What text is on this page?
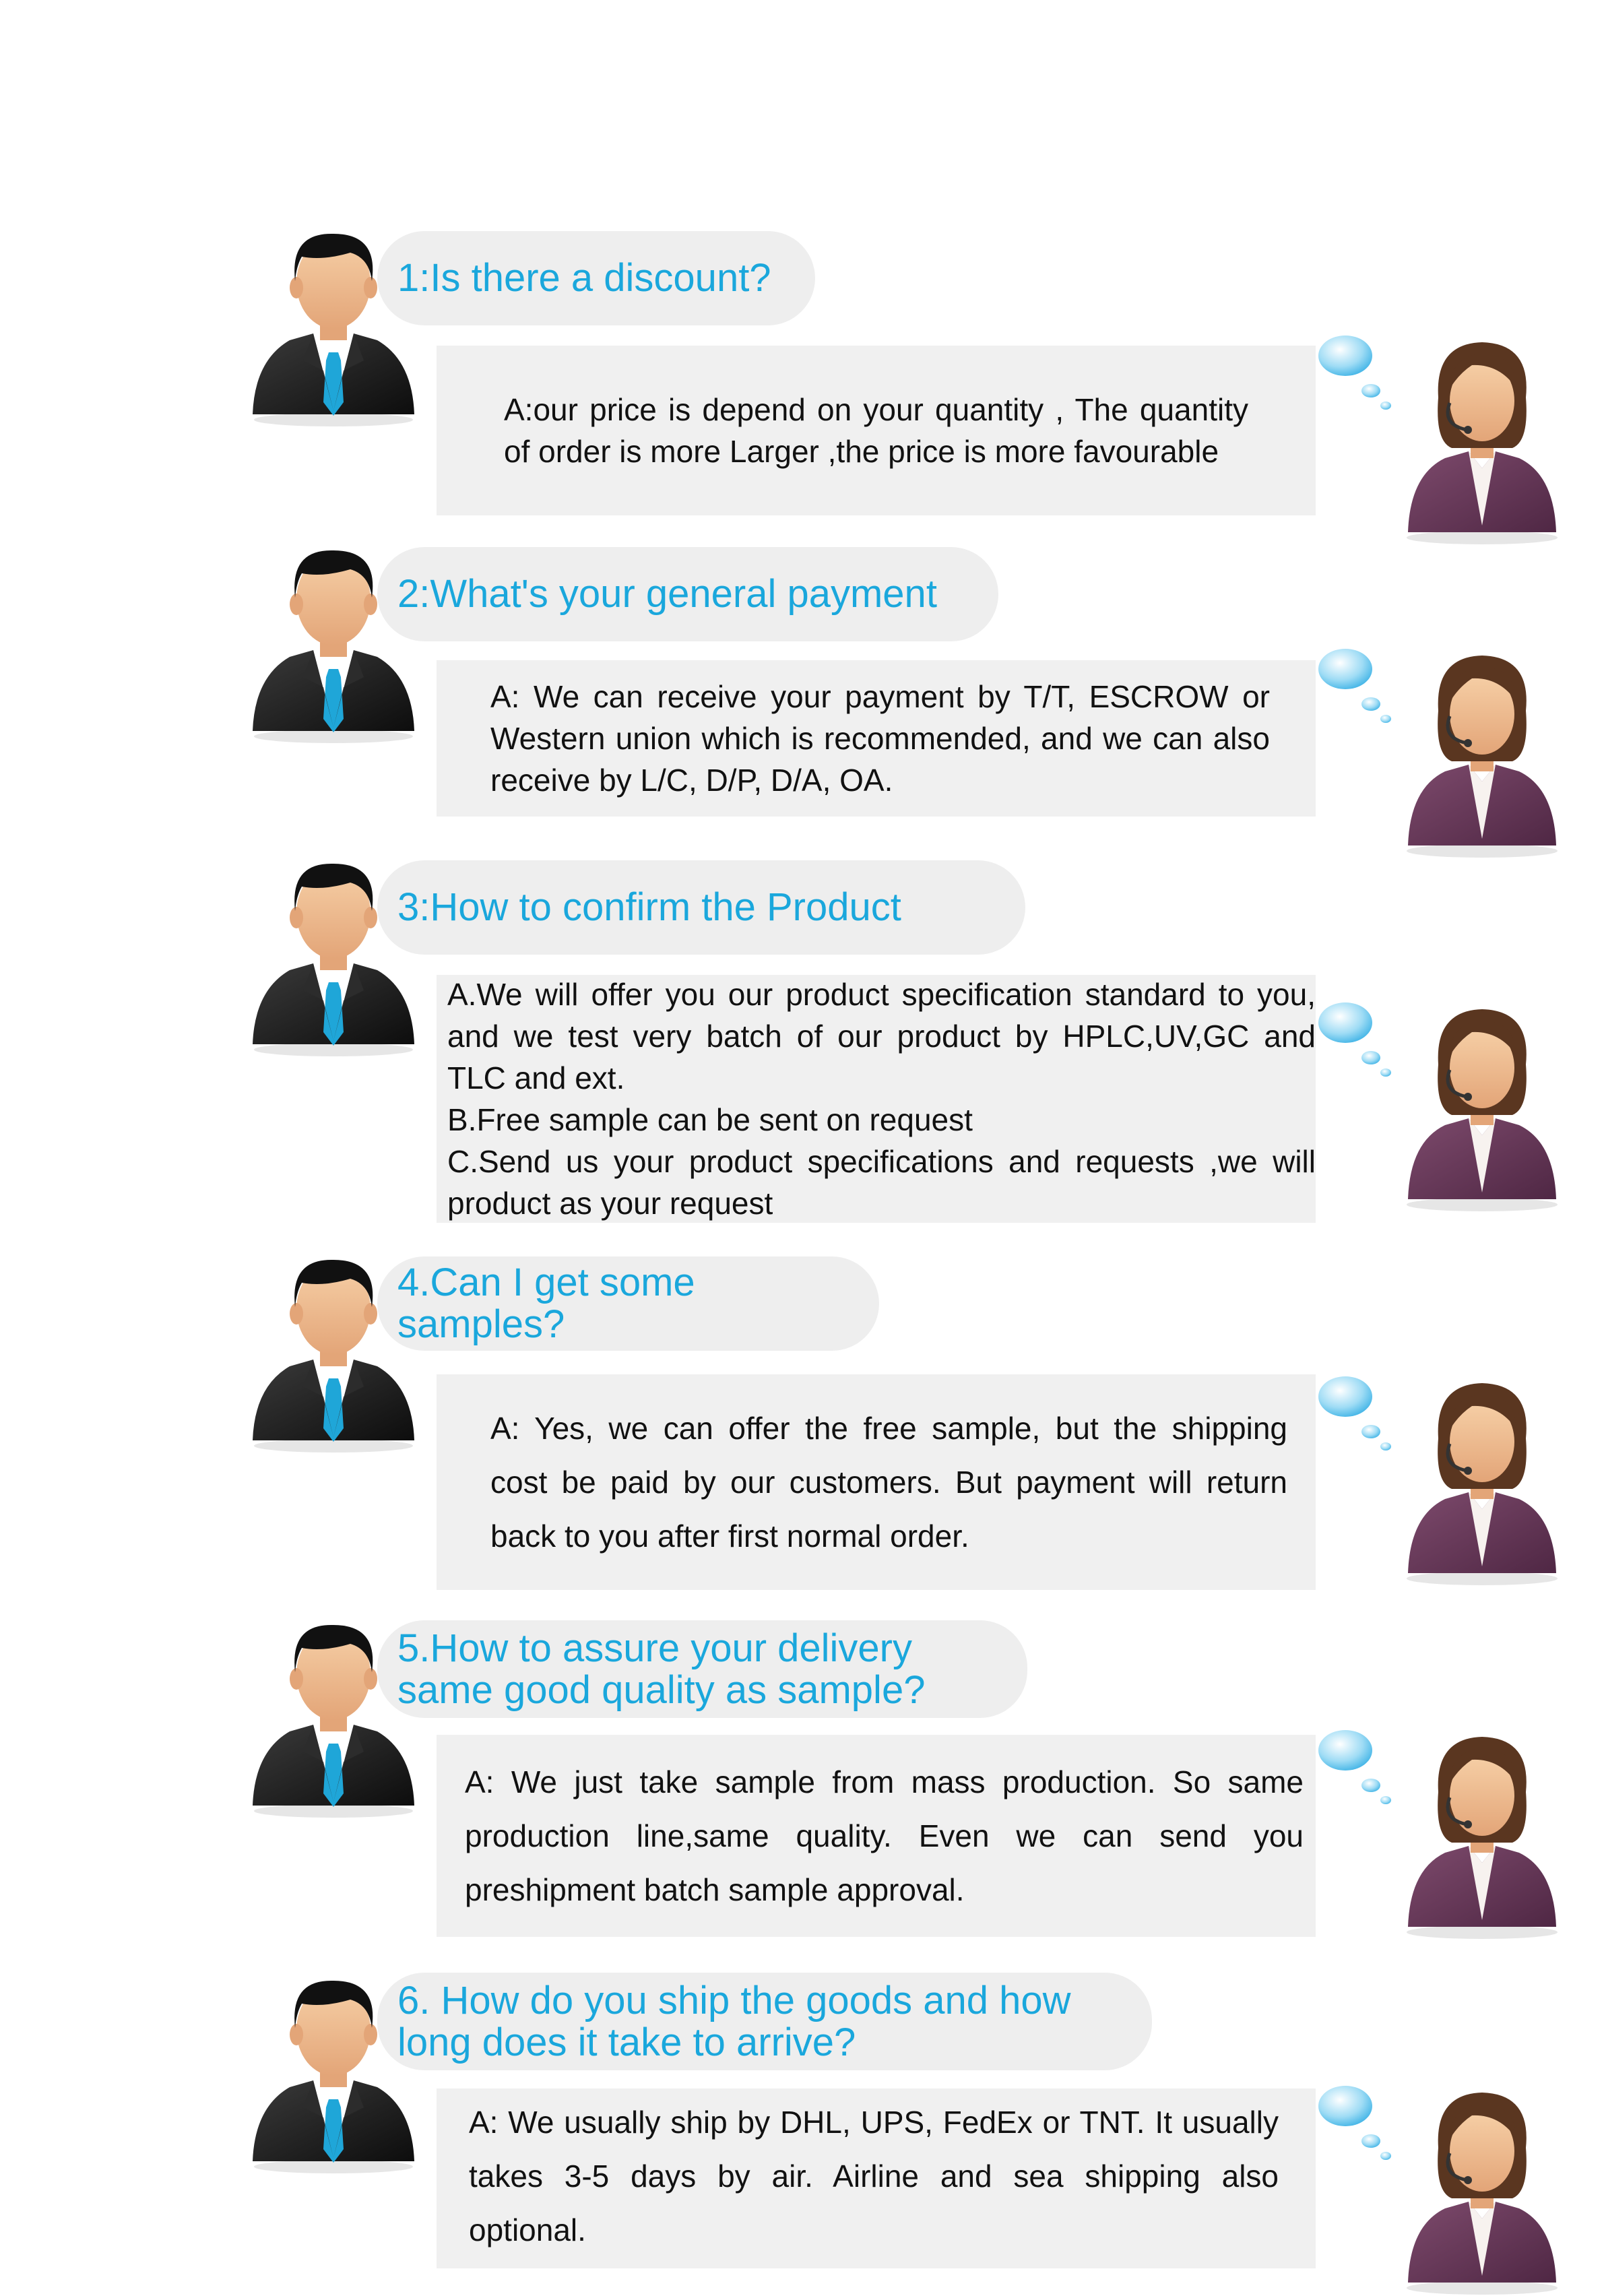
1:Is there a discount?
A:our price is depend on your quantity , The quantity of order is more Larger ,the price is more favourable
2:What's your general payment
A: We can receive your payment by T/T, ESCROW or Western union which is recommended, and we can also receive by L/C, D/P, D/A, OA.
3:How to confirm the Product
A.We will offer you our product specification standard to you, and we test very batch of our product by HPLC,UV,GC and TLC and ext.
B.Free sample can be sent on request
C.Send us your product specifications and requests ,we will product as your request
4.Can I get some samples?
A: Yes, we can offer the free sample, but the shipping cost be paid by our customers. But payment will return back to you after first normal order.
5.How to assure your delivery same good quality as sample?
A: We just take sample from mass production. So same production line,same quality. Even we can send you preshipment batch sample approval.
6. How do you ship the goods and how long does it take to arrive?
A: We usually ship by DHL, UPS, FedEx or TNT. It usually takes 3-5 days by air. Airline and sea shipping also optional.
